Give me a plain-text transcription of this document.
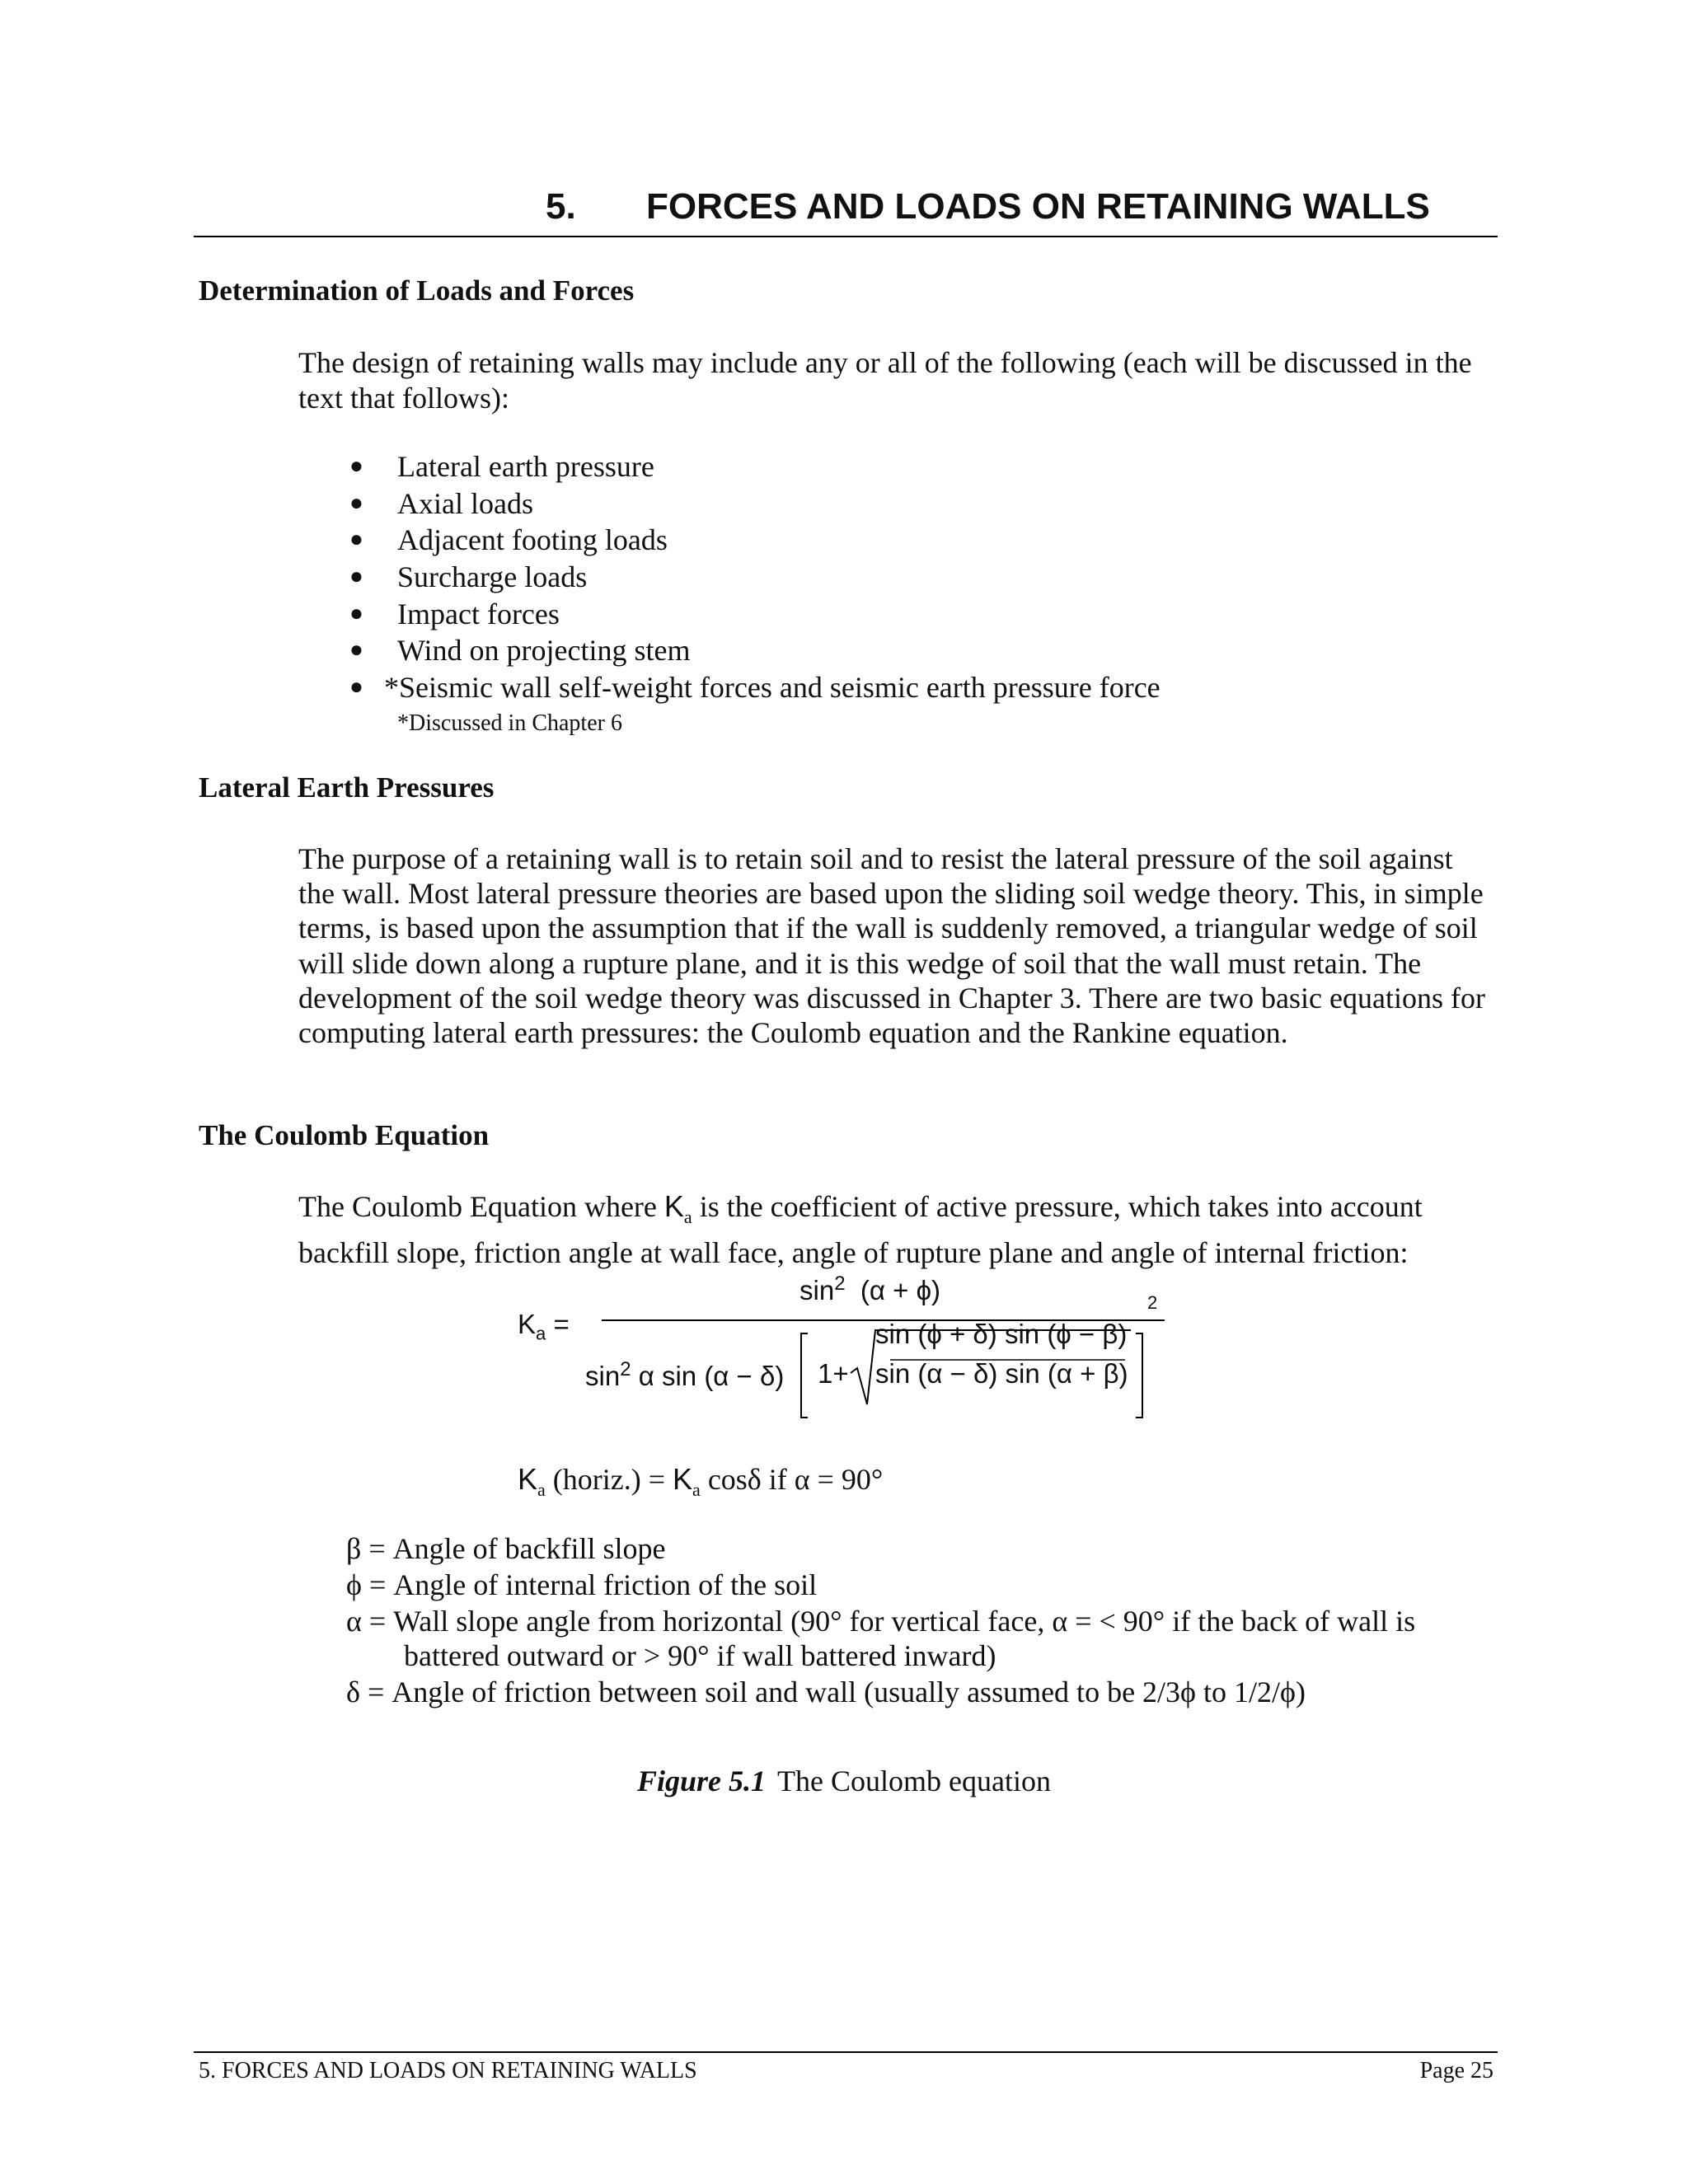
5. FORCES AND LOADS ON RETAINING WALLS
Determination of Loads and Forces

The design of retaining walls may include any or all of the following (each will be discussed in the text that follows):

● Lateral earth pressure
● Axial loads
● Adjacent footing loads
● Surcharge loads
● Impact forces
● Wind on projecting stem
● *Seismic wall self-weight forces and seismic earth pressure force
*Discussed in Chapter 6
Lateral Earth Pressures

The purpose of a retaining wall is to retain soil and to resist the lateral pressure of the soil against the wall. Most lateral pressure theories are based upon the sliding soil wedge theory. This, in simple terms, is based upon the assumption that if the wall is suddenly removed, a triangular wedge of soil will slide down along a rupture plane, and it is this wedge of soil that the wall must retain. The development of the soil wedge theory was discussed in Chapter 3. There are two basic equations for computing lateral earth pressures: the Coulomb equation and the Rankine equation.

The Coulomb Equation

The Coulomb Equation where $K_a$ is the coefficient of active pressure, which takes into account backfill slope, friction angle at wall face, angle of rupture plane and angle of internal friction:

$K_a$ =
$\sin^2 (\alpha + \phi)$
$\sin^2 \alpha$ sin (α − δ) 1+
sin (ϕ + δ) sin (ϕ − β)
sin (α − δ) sin (α + β)
2
$K_a$ (horiz.) = $K_a$ cosδ if α = 90°
β = Angle of backfill slope
ϕ = Angle of internal friction of the soil
α = Wall slope angle from horizontal (90° for vertical face, α = < 90° if the back of wall is
battered outward or > 90° if wall battered inward)
δ = Angle of friction between soil and wall (usually assumed to be 2/3ϕ to 1/2/ϕ)
Figure 5.1 The Coulomb equation
5. FORCES AND LOADS ON RETAINING WALLS	Page 25
